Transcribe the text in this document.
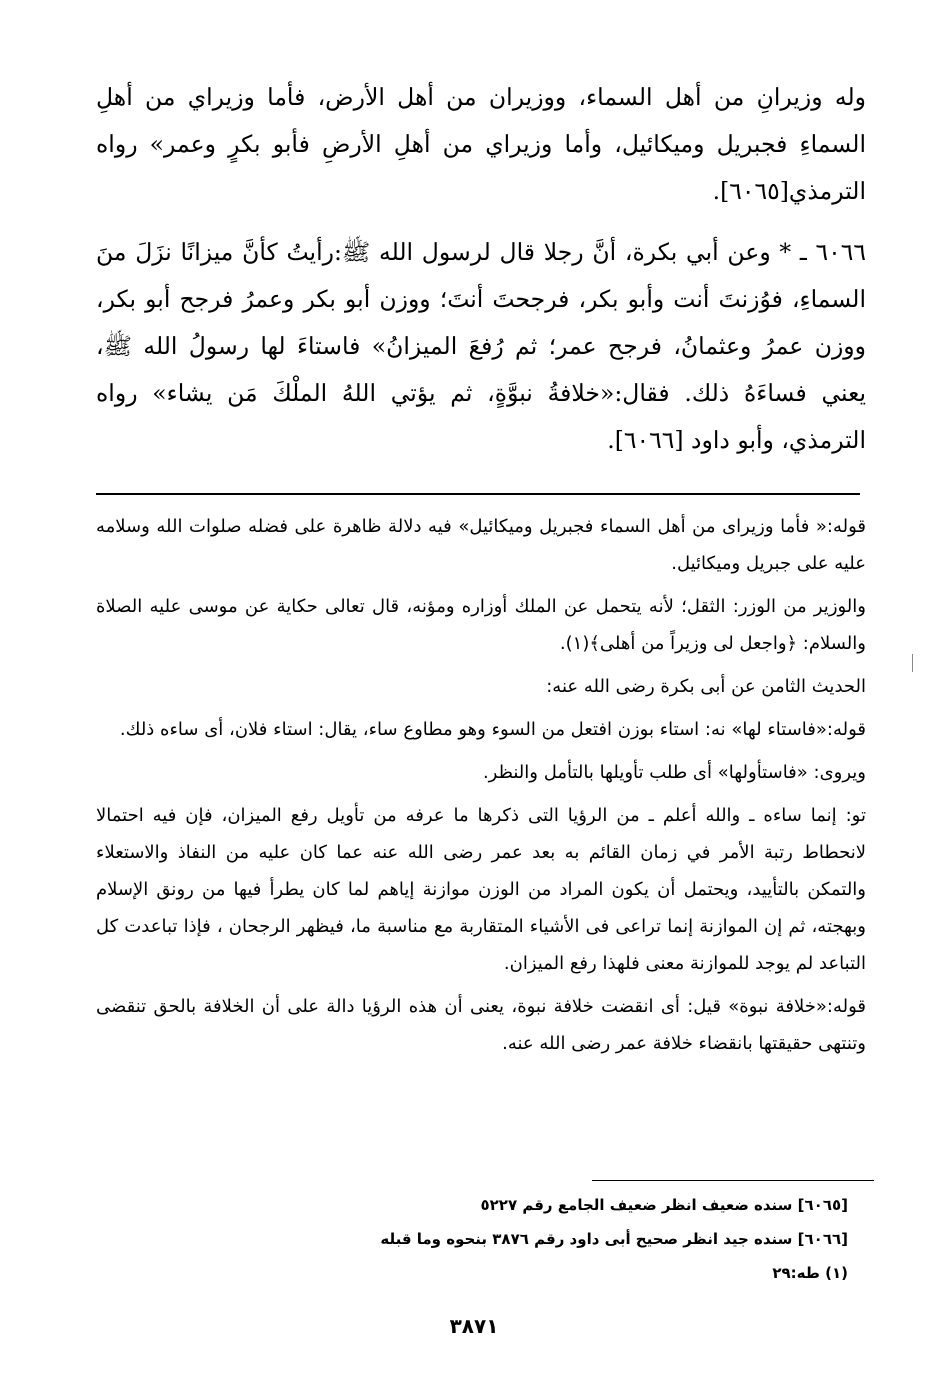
وله وزيرانِ من أهل السماء، ووزيران من أهل الأرض، فأما وزيراي من أهلِ السماءِ فجبريل وميكائيل، وأما وزيراي من أهلِ الأرضِ فأبو بكرٍ وعمر» رواه الترمذي[٦٠٦٥].

٦٠٦٦ ـ * وعن أبي بكرة، أنَّ رجلا قال لرسول الله ﷺ:رأيتُ كأنَّ ميزانًا نزَلَ منَ السماءِ، فوُزنتَ أنت وأبو بكر، فرجحتَ أنتَ؛ ووزن أبو بكر وعمرُ فرجح أبو بكر، ووزن عمرُ وعثمانُ، فرجح عمر؛ ثم رُفعَ الميزانُ» فاستاءَ لها رسولُ الله ﷺ، يعني فساءَهُ ذلك. فقال:«خلافةُ نبوَّةٍ، ثم يؤتي اللهُ الملْكَ مَن يشاء» رواه الترمذي، وأبو داود [٦٠٦٦].

قوله:« فأما وزيراى من أهل السماء فجبريل وميكائيل» فيه دلالة ظاهرة على فضله صلوات الله وسلامه عليه على جبريل وميكائيل.

والوزير من الوزر: الثقل؛ لأنه يتحمل عن الملك أوزاره ومؤنه، قال تعالى حكاية عن موسى عليه الصلاة والسلام: ﴿واجعل لى وزيراً من أهلى﴾(١).

الحديث الثامن عن أبى بكرة رضى الله عنه:

قوله:«فاستاء لها» نه: استاء بوزن افتعل من السوء وهو مطاوع ساء، يقال: استاء فلان، أى ساءه ذلك.

ويروى: «فاستأولها» أى طلب تأويلها بالتأمل والنظر.

تو: إنما ساءه ـ والله أعلم ـ من الرؤيا التى ذكرها ما عرفه من تأويل رفع الميزان، فإن فيه احتمالا لانحطاط رتبة الأمر في زمان القائم به بعد عمر رضى الله عنه عما كان عليه من النفاذ والاستعلاء والتمكن بالتأييد، ويحتمل أن يكون المراد من الوزن موازنة إياهم لما كان يطرأ فيها من رونق الإسلام وبهجته، ثم إن الموازنة إنما تراعى فى الأشياء المتقاربة مع مناسبة ما، فيظهر الرجحان ، فإذا تباعدت كل التباعد لم يوجد للموازنة معنى فلهذا رفع الميزان.

قوله:«خلافة نبوة» قيل: أى انقضت خلافة نبوة، يعنى أن هذه الرؤيا دالة على أن الخلافة بالحق تنقضى وتنتهى حقيقتها بانقضاء خلافة عمر رضى الله عنه.

[٦٠٦٥] سنده ضعيف انظر ضعيف الجامع رقم ٥٢٢٧
[٦٠٦٦] سنده جيد انظر صحيح أبى داود رقم ٣٨٧٦ بنحوه وما قبله
(١) طه:٢٩
٣٨٧١
